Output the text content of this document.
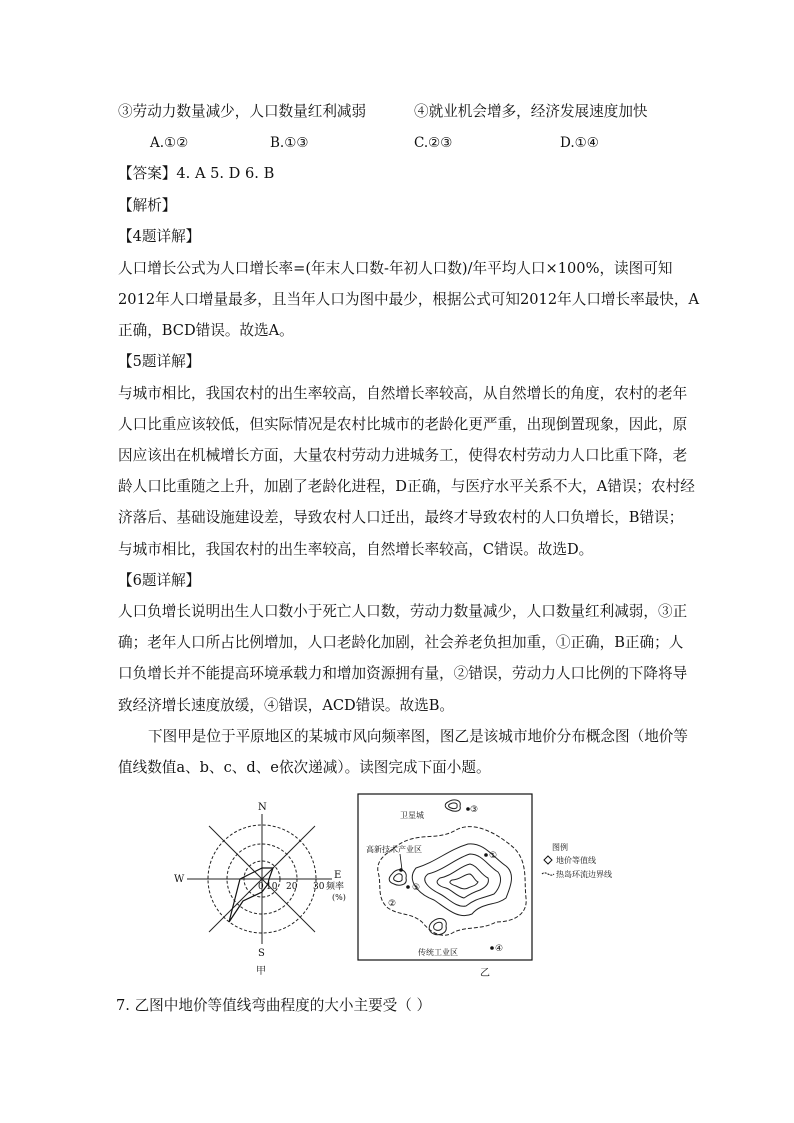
③劳动力数量减少，人口数量红利减弱	④就业机会增多，经济发展速度加快
A.①②	B.①③	C.②③	D.①④
【答案】4. A 5. D 6. B
【解析】
【4题详解】
人口增长公式为人口增长率=(年末人口数-年初人口数)/年平均人口×100%，读图可知
2012年人口增量最多，且当年人口为图中最少，根据公式可知2012年人口增长率最快，A
正确，BCD错误。故选A。
【5题详解】
与城市相比，我国农村的出生率较高，自然增长率较高，从自然增长的角度，农村的老年
人口比重应该较低，但实际情况是农村比城市的老龄化更严重，出现倒置现象，因此，原
因应该出在机械增长方面，大量农村劳动力进城务工，使得农村劳动力人口比重下降，老
龄人口比重随之上升，加剧了老龄化进程，D正确，与医疗水平关系不大，A错误；农村经
济落后、基础设施建设差，导致农村人口迁出，最终才导致农村的人口负增长，B错误；
与城市相比，我国农村的出生率较高，自然增长率较高，C错误。故选D。
【6题详解】
人口负增长说明出生人口数小于死亡人口数，劳动力数量减少，人口数量红利减弱，③正
确；老年人口所占比例增加，人口老龄化加剧，社会养老负担加重，①正确，B正确；人
口负增长并不能提高环境承载力和增加资源拥有量，②错误，劳动力人口比例的下降将导
致经济增长速度放缓，④错误，ACD错误。故选B。
下图甲是位于平原地区的某城市风向频率图，图乙是该城市地价分布概念图（地价等
值线数值a、b、c、d、e依次递减）。读图完成下面小题。
N
S
E
W
0 10 20 30 频率
(%)
甲
卫星城
③
①
高新技术产业区
⑤
②
④
传统工业区
图例
地价等值线
热岛环流边界线
乙
7. 乙图中地价等值线弯曲程度的大小主要受（ ）
